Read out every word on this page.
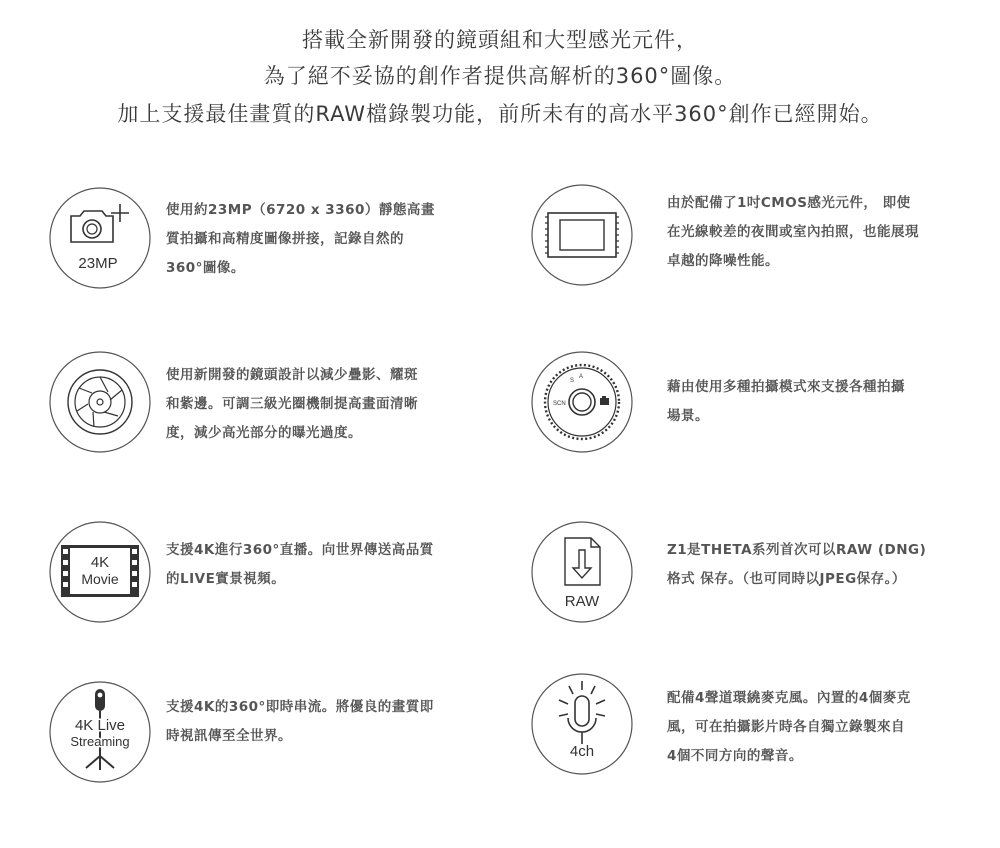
搭載全新開發的鏡頭組和大型感光元件，
為了絕不妥協的創作者提供高解析的360°圖像。
加上支援最佳畫質的RAW檔錄製功能，前所未有的高水平360°創作已經開始。
23MP
使用約23MP（6720 x 3360）靜態高畫
質拍攝和高精度圖像拼接，記錄自然的
360°圖像。
由於配備了1吋CMOS感光元件， 即使
在光線較差的夜間或室內拍照，也能展現
卓越的降噪性能。
使用新開發的鏡頭設計以減少疊影、耀斑
和紫邊。可調三級光圈機制提高畫面清晰
度，減少高光部分的曝光過度。
S
A
SCN
藉由使用多種拍攝模式來支援各種拍攝
場景。
4K
Movie
支援4K進行360°直播。向世界傳送高品質
的LIVE實景視頻。
RAW
Z1是THETA系列首次可以RAW (DNG)
格式 保存。（也可同時以JPEG保存。）
4K Live
Streaming
支援4K的360°即時串流。將優良的畫質即
時視訊傳至全世界。
4ch
配備4聲道環繞麥克風。內置的4個麥克
風，可在拍攝影片時各自獨立錄製來自
4個不同方向的聲音。
